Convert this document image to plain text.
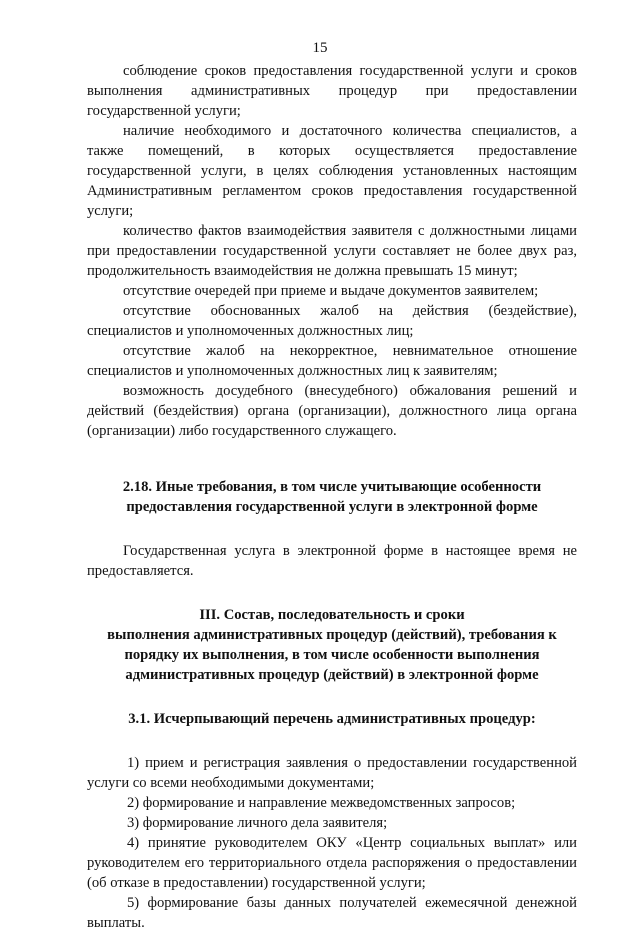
15

соблюдение сроков предоставления государственной услуги и сроков выполнения административных процедур при предоставлении государственной услуги;

наличие необходимого и достаточного количества специалистов, а также помещений, в которых осуществляется предоставление государственной услуги, в целях соблюдения установленных настоящим Административным регламентом сроков предоставления государственной услуги;

количество фактов взаимодействия заявителя с должностными лицами при предоставлении государственной услуги составляет не более двух раз, продолжительность взаимодействия не должна превышать 15 минут;

отсутствие очередей при приеме и выдаче документов заявителем;

отсутствие обоснованных жалоб на действия (бездействие), специалистов и уполномоченных должностных лиц;

отсутствие жалоб на некорректное, невнимательное отношение специалистов и уполномоченных должностных лиц к заявителям;

возможность досудебного (внесудебного) обжалования решений и действий (бездействия) органа (организации), должностного лица органа (организации) либо государственного служащего.

2.18. Иные требования, в том числе учитывающие особенности

предоставления государственной услуги в электронной форме

Государственная услуга в электронной форме в настоящее время не предоставляется.

III. Состав, последовательность и сроки

выполнения административных процедур (действий), требования к

порядку их выполнения, в том числе особенности выполнения

административных процедур (действий) в электронной форме

3.1. Исчерпывающий перечень административных процедур:

1) прием и регистрация заявления о предоставлении государственной услуги со всеми необходимыми документами;

2) формирование и направление межведомственных запросов;

3) формирование личного дела заявителя;

4) принятие руководителем ОКУ «Центр социальных выплат» или руководителем его территориального отдела распоряжения о предоставлении (об отказе в предоставлении) государственной услуги;

5) формирование базы данных получателей ежемесячной денежной выплаты.
